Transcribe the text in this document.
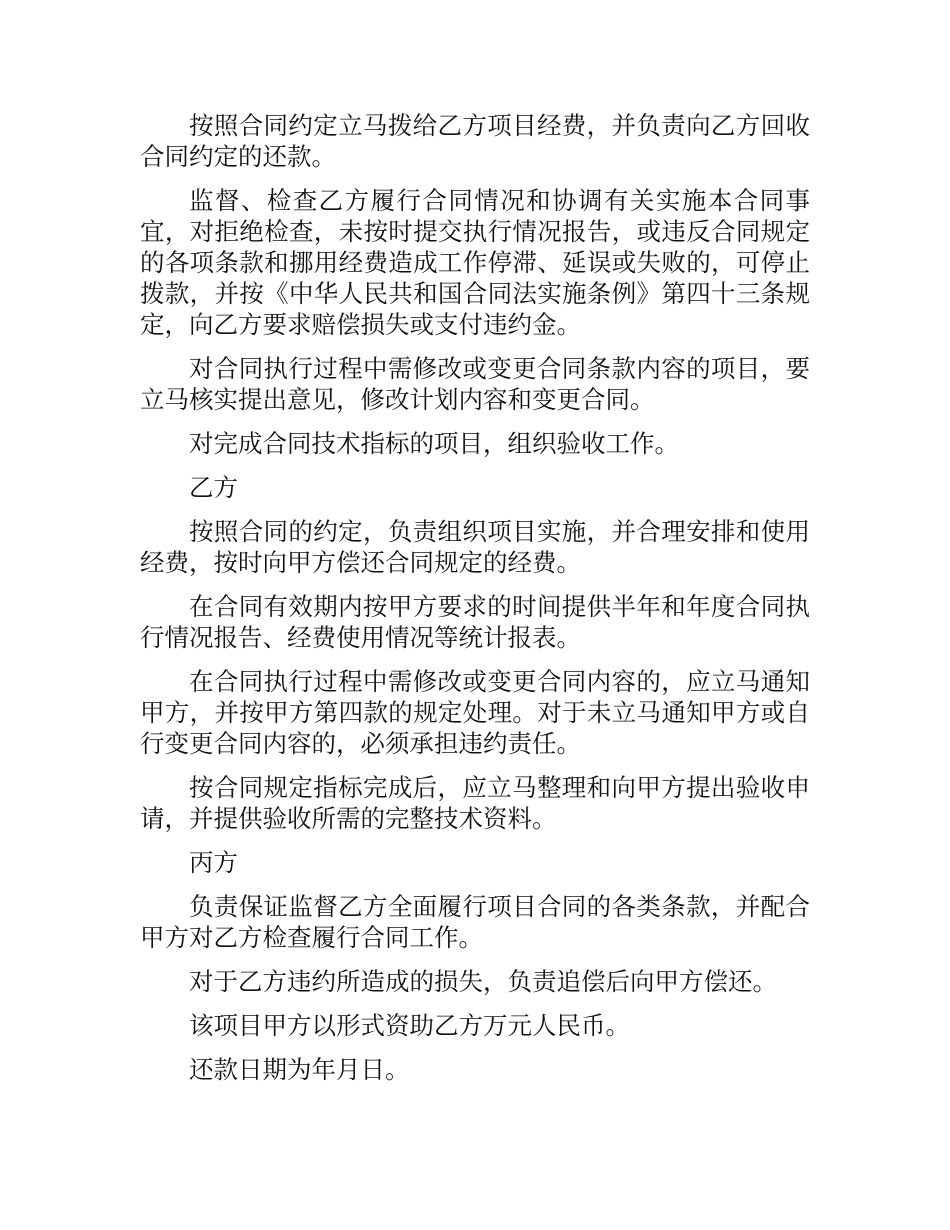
按照合同约定立马拨给乙方项目经费，并负责向乙方回收合同约定的还款。

监督、检查乙方履行合同情况和协调有关实施本合同事宜，对拒绝检查，未按时提交执行情况报告，或违反合同规定的各项条款和挪用经费造成工作停滞、延误或失败的，可停止拨款，并按《中华人民共和国合同法实施条例》第四十三条规定，向乙方要求赔偿损失或支付违约金。

对合同执行过程中需修改或变更合同条款内容的项目，要立马核实提出意见，修改计划内容和变更合同。

对完成合同技术指标的项目，组织验收工作。

乙方

按照合同的约定，负责组织项目实施，并合理安排和使用经费，按时向甲方偿还合同规定的经费。

在合同有效期内按甲方要求的时间提供半年和年度合同执行情况报告、经费使用情况等统计报表。

在合同执行过程中需修改或变更合同内容的，应立马通知甲方，并按甲方第四款的规定处理。对于未立马通知甲方或自行变更合同内容的，必须承担违约责任。

按合同规定指标完成后，应立马整理和向甲方提出验收申请，并提供验收所需的完整技术资料。

丙方

负责保证监督乙方全面履行项目合同的各类条款，并配合甲方对乙方检查履行合同工作。

对于乙方违约所造成的损失，负责追偿后向甲方偿还。

该项目甲方以形式资助乙方万元人民币。

还款日期为年月日。
